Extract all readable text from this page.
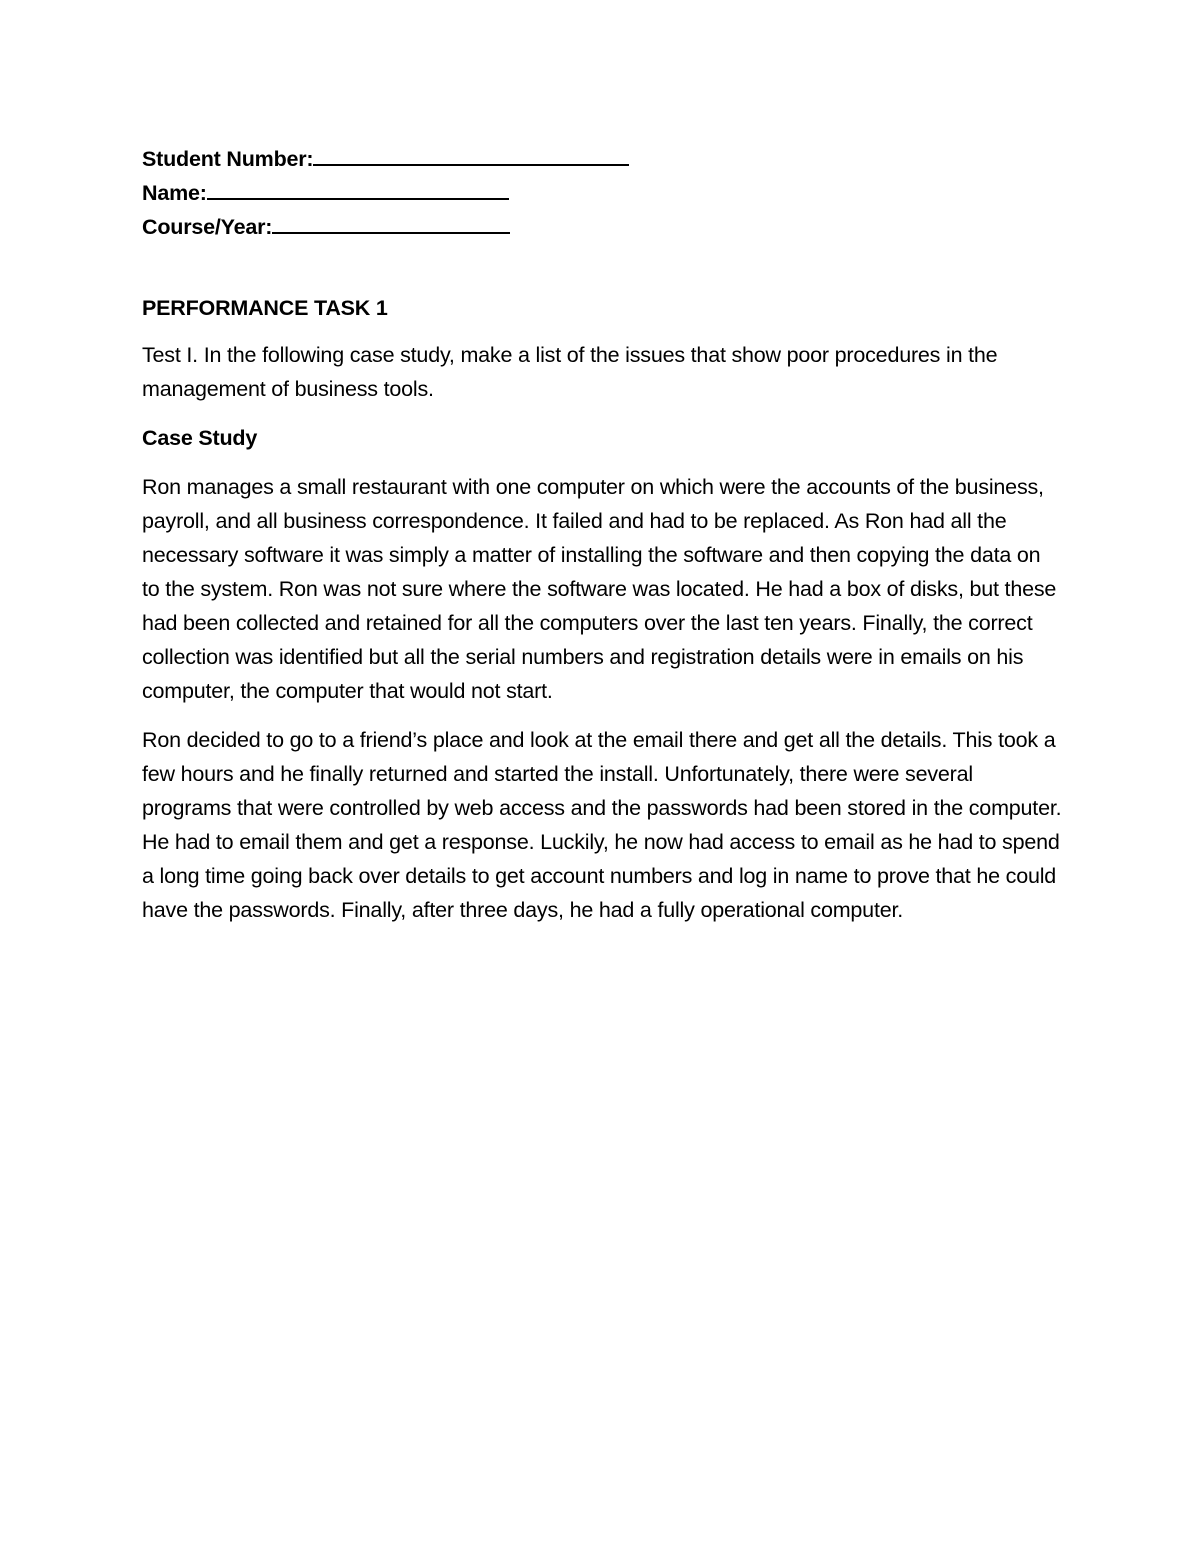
Student Number:

Name:

Course/Year:

PERFORMANCE TASK 1

Test I. In the following case study, make a list of the issues that show poor procedures in the management of business tools.

Case Study

Ron manages a small restaurant with one computer on which were the accounts of the business, payroll, and all business correspondence. It failed and had to be replaced. As Ron had all the necessary software it was simply a matter of installing the software and then copying the data on to the system. Ron was not sure where the software was located. He had a box of disks, but these had been collected and retained for all the computers over the last ten years. Finally, the correct collection was identified but all the serial numbers and registration details were in emails on his computer, the computer that would not start.

Ron decided to go to a friend’s place and look at the email there and get all the details. This took a few hours and he finally returned and started the install. Unfortunately, there were several programs that were controlled by web access and the passwords had been stored in the computer. He had to email them and get a response. Luckily, he now had access to email as he had to spend a long time going back over details to get account numbers and log in name to prove that he could have the passwords. Finally, after three days, he had a fully operational computer.
